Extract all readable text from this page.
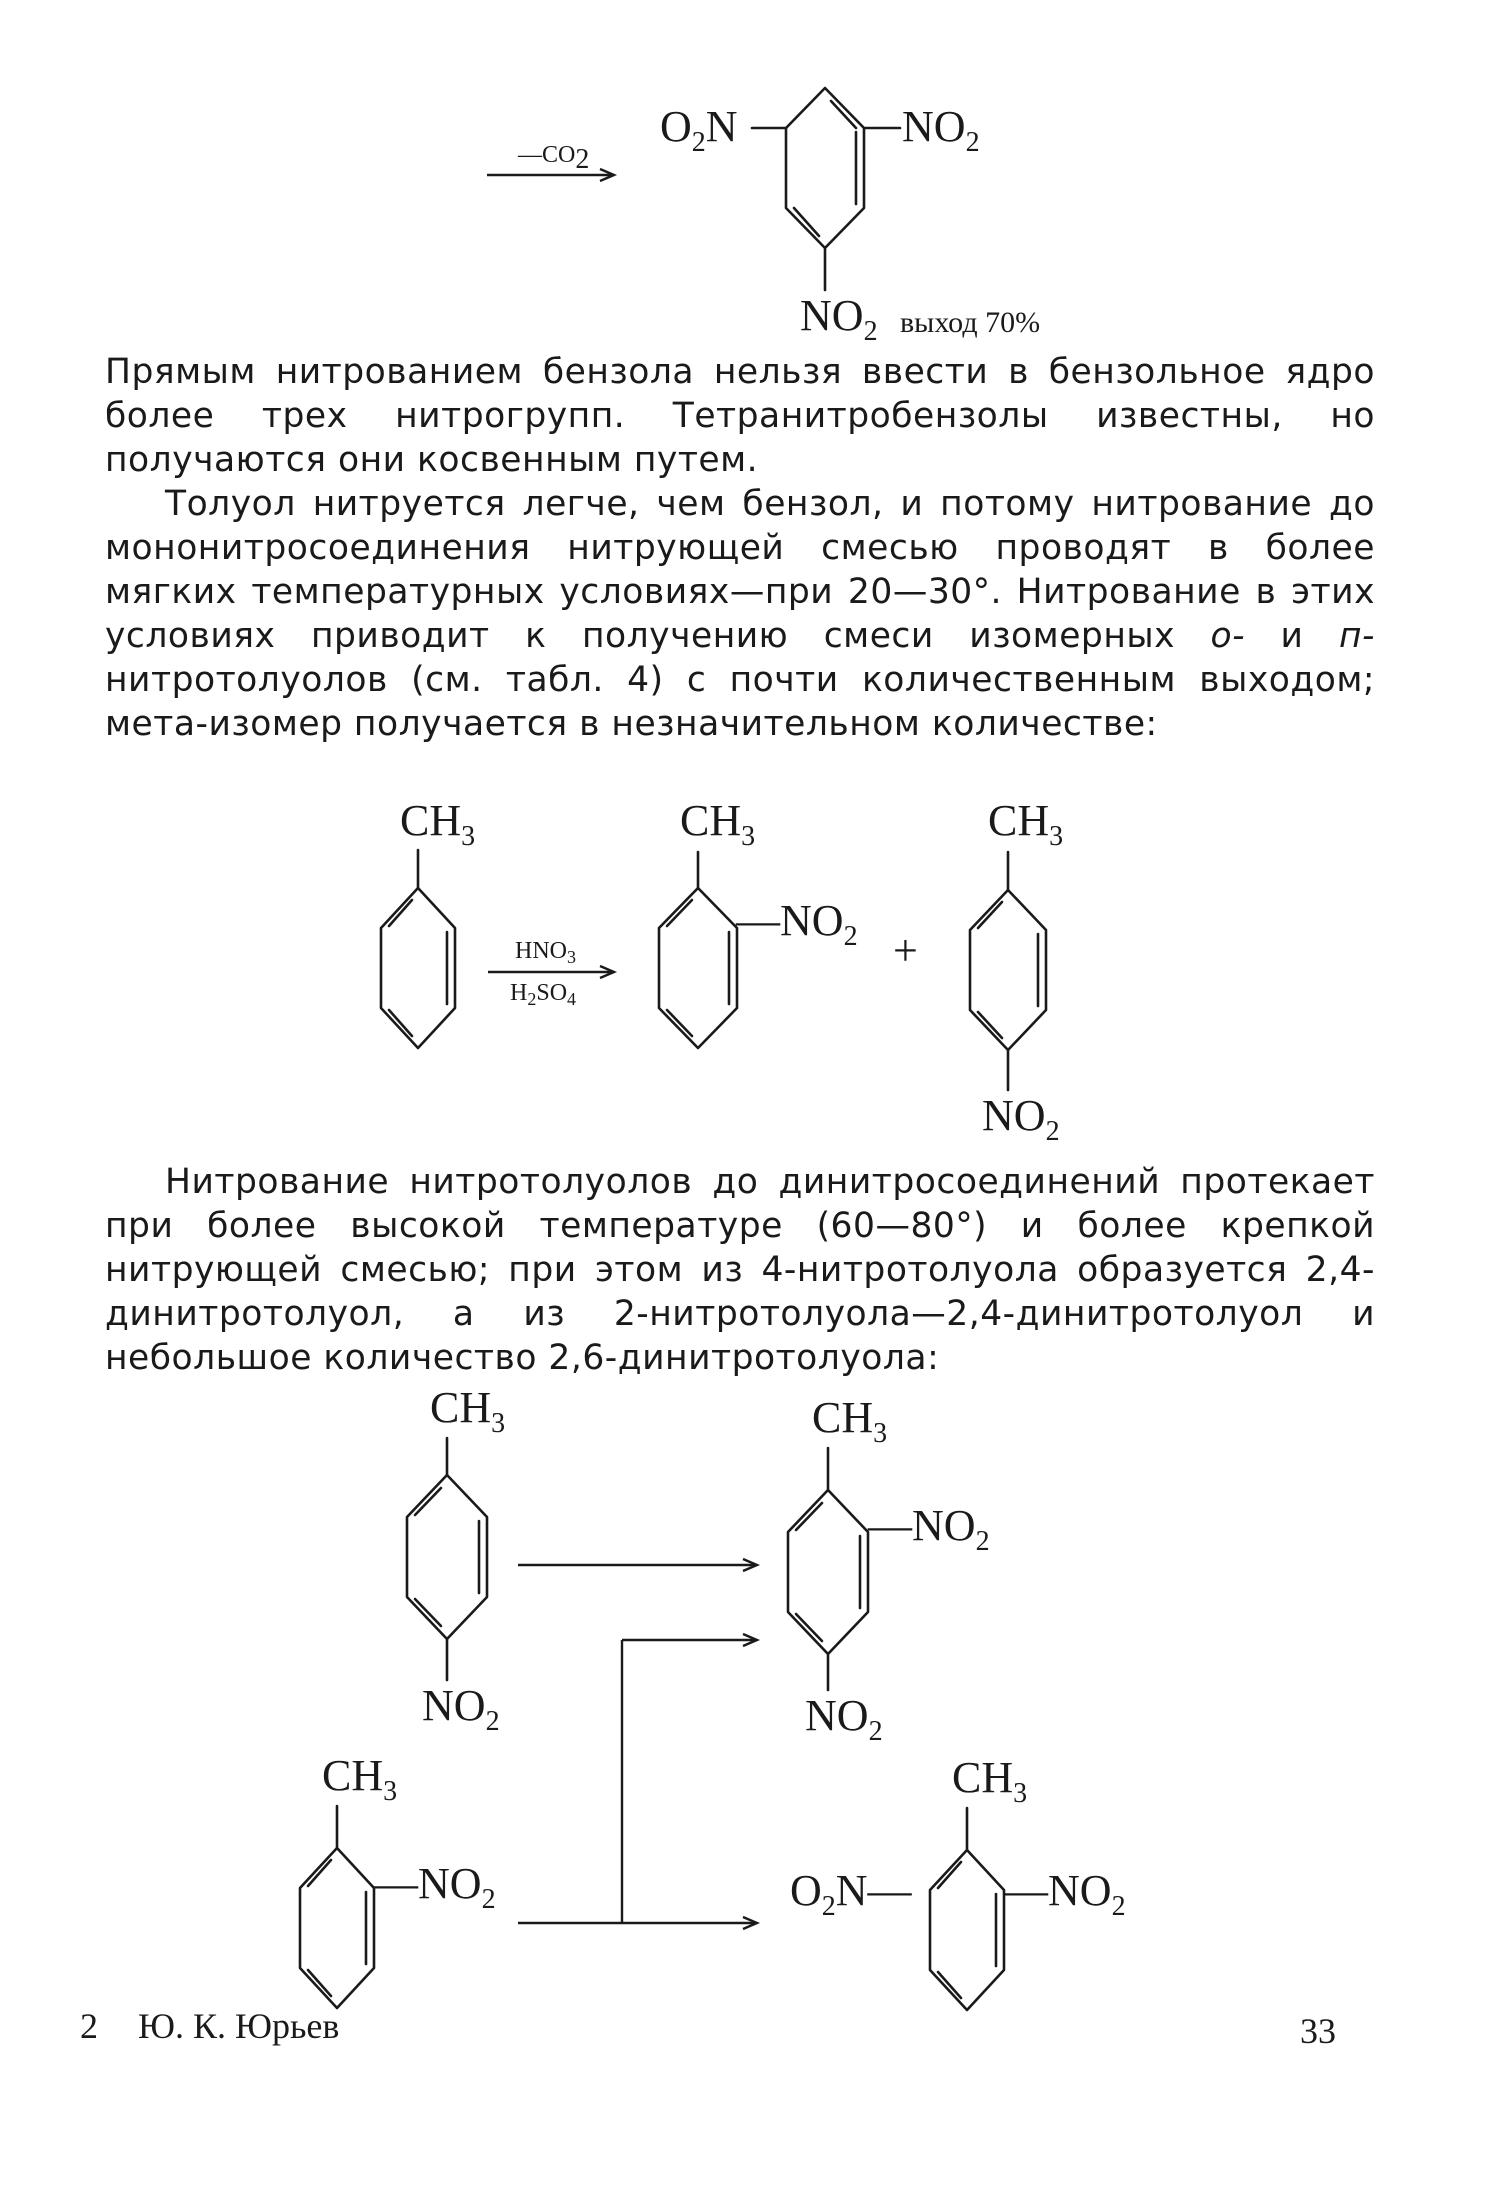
—CO2
$O_2N$	$NO_2$
$NO_2$ выход 70%
$CH_3$
$HNO_3$
$H_2SO_4$
$CH_3$
$—NO_2$ +
$CH_3$
$NO_2$
$CH_3$
$NO_2$
$CH_3$
$—NO_2$
$NO_2$
$CH_3$
$—NO_2$
$CH_3$
$O_2N—$ $—NO_2$

Прямым нитрованием бензола нельзя ввести в бензольное ядро более трех нитрогрупп. Тетранитробензолы известны, но получаются они косвенным путем.

Толуол нитруется легче, чем бензол, и потому нитрование до мононитросоединения нитрующей смесью проводят в более мягких температурных условиях—при 20—30°. Нитрование в этих условиях приводит к получению смеси изомерных о- и п-нитротолуолов (см. табл. 4) с почти количественным выходом; мета-изомер получается в незначительном количестве:

Нитрование нитротолуолов до динитросоединений протекает при более высокой температуре (60—80°) и более крепкой нитрующей смесью; при этом из 4-нитротолуола образуется 2,4-динитротолуол, а из 2-нитротолуола—2,4-динитротолуол и небольшое количество 2,6-динитротолуола:

2 Ю. К. Юрьев	33
